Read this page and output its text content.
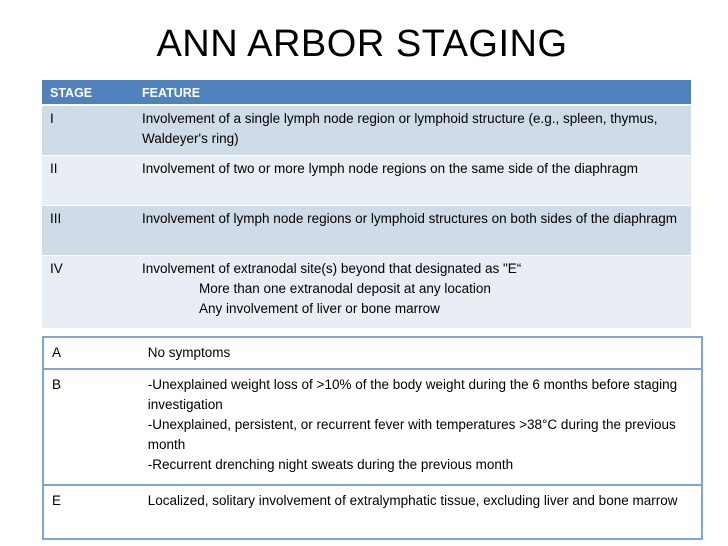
ANN ARBOR STAGING
STAGE	FEATURE
I	Involvement of a single lymph node region or lymphoid structure (e.g., spleen, thymus, Waldeyer's ring)
II	Involvement of two or more lymph node regions on the same side of the diaphragm
III	Involvement of lymph node regions or lymphoid structures on both sides of the diaphragm
IV	Involvement of extranodal site(s) beyond that designated as "E“
More than one extranodal deposit at any location
Any involvement of liver or bone marrow
A	No symptoms

B	-Unexplained weight loss of >10% of the body weight during the 6 months before staging investigation
-Unexplained, persistent, or recurrent fever with temperatures >38°C during the previous month
-Recurrent drenching night sweats during the previous month

E	Localized, solitary involvement of extralymphatic tissue, excluding liver and bone marrow
